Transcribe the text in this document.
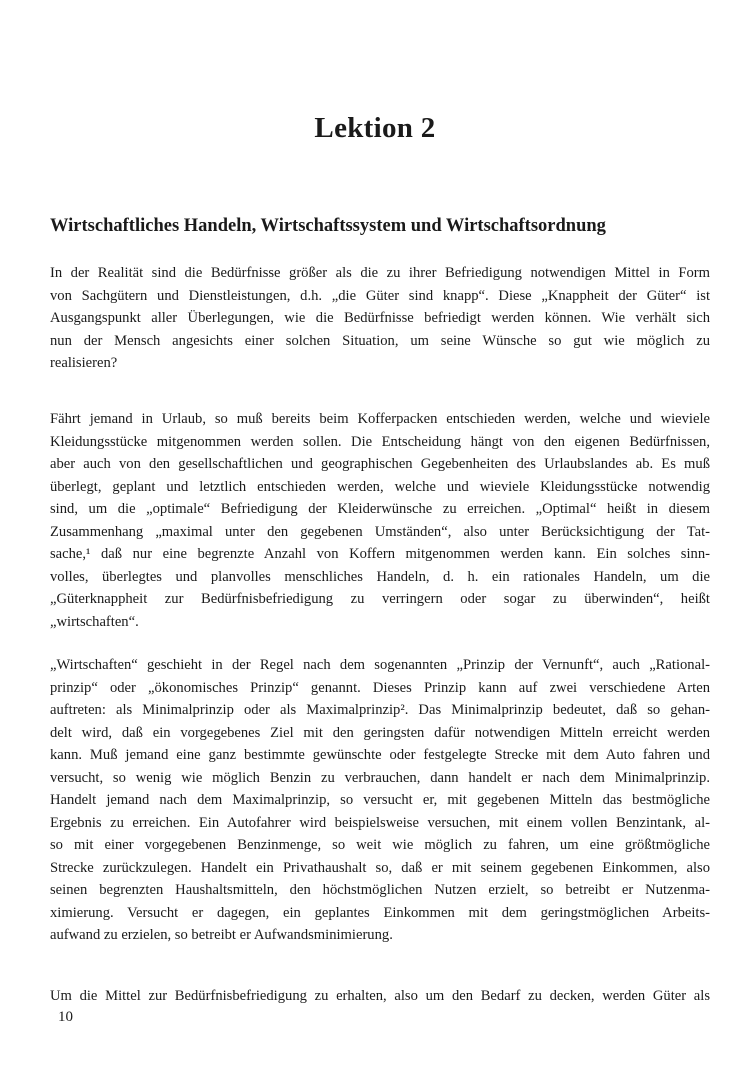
Lektion 2
Wirtschaftliches Handeln, Wirtschaftssystem und Wirtschaftsordnung
In der Realität sind die Bedürfnisse größer als die zu ihrer Befriedigung notwendigen Mittel in Form
von Sachgütern und Dienstleistungen, d.h. „die Güter sind knapp“. Diese „Knappheit der Güter“ ist
Ausgangspunkt aller Überlegungen, wie die Bedürfnisse befriedigt werden können. Wie verhält sich
nun der Mensch angesichts einer solchen Situation, um seine Wünsche so gut wie möglich zu
realisieren?
Fährt jemand in Urlaub, so muß bereits beim Kofferpacken entschieden werden, welche und wieviele
Kleidungsstücke mitgenommen werden sollen. Die Entscheidung hängt von den eigenen Bedürfnissen,
aber auch von den gesellschaftlichen und geographischen Gegebenheiten des Urlaubslandes ab. Es muß
überlegt, geplant und letztlich entschieden werden, welche und wieviele Kleidungsstücke notwendig
sind, um die „optimale“ Befriedigung der Kleiderwünsche zu erreichen. „Optimal“ heißt in diesem
Zusammenhang „maximal unter den gegebenen Umständen“, also unter Berücksichtigung der Tat-
sache,¹ daß nur eine begrenzte Anzahl von Koffern mitgenommen werden kann. Ein solches sinn-
volles, überlegtes und planvolles menschliches Handeln, d. h. ein rationales Handeln, um die
„Güterknappheit zur Bedürfnisbefriedigung zu verringern oder sogar zu überwinden“, heißt
„wirtschaften“.
„Wirtschaften“ geschieht in der Regel nach dem sogenannten „Prinzip der Vernunft“, auch „Rational-
prinzip“ oder „ökonomisches Prinzip“ genannt. Dieses Prinzip kann auf zwei verschiedene Arten
auftreten: als Minimalprinzip oder als Maximalprinzip². Das Minimalprinzip bedeutet, daß so gehan-
delt wird, daß ein vorgegebenes Ziel mit den geringsten dafür notwendigen Mitteln erreicht werden
kann. Muß jemand eine ganz bestimmte gewünschte oder festgelegte Strecke mit dem Auto fahren und
versucht, so wenig wie möglich Benzin zu verbrauchen, dann handelt er nach dem Minimalprinzip.
Handelt jemand nach dem Maximalprinzip, so versucht er, mit gegebenen Mitteln das bestmögliche
Ergebnis zu erreichen. Ein Autofahrer wird beispielsweise versuchen, mit einem vollen Benzintank, al-
so mit einer vorgegebenen Benzinmenge, so weit wie möglich zu fahren, um eine größtmögliche
Strecke zurückzulegen. Handelt ein Privathaushalt so, daß er mit seinem gegebenen Einkommen, also
seinen begrenzten Haushaltsmitteln, den höchstmöglichen Nutzen erzielt, so betreibt er Nutzenma-
ximierung. Versucht er dagegen, ein geplantes Einkommen mit dem geringstmöglichen Arbeits-
aufwand zu erzielen, so betreibt er Aufwandsminimierung.
Um die Mittel zur Bedürfnisbefriedigung zu erhalten, also um den Bedarf zu decken, werden Güter als
10
